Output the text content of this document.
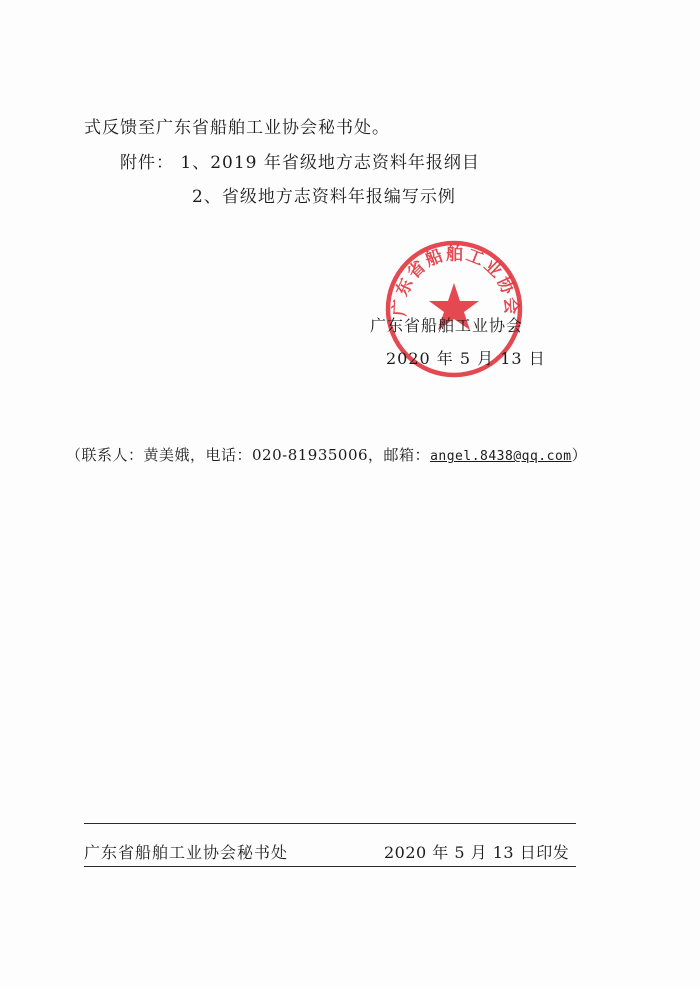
式反馈至广东省船舶工业协会秘书处。
附件： 1、2019 年省级地方志资料年报纲目
2、省级地方志资料年报编写示例
广东省船舶工业协会
广东省船舶工业协会
2020 年 5 月 13 日
（联系人：黄美娥，电话：020-81935006，邮箱：angel.8438@qq.com）
广东省船舶工业协会秘书处	2020 年 5 月 13 日印发
